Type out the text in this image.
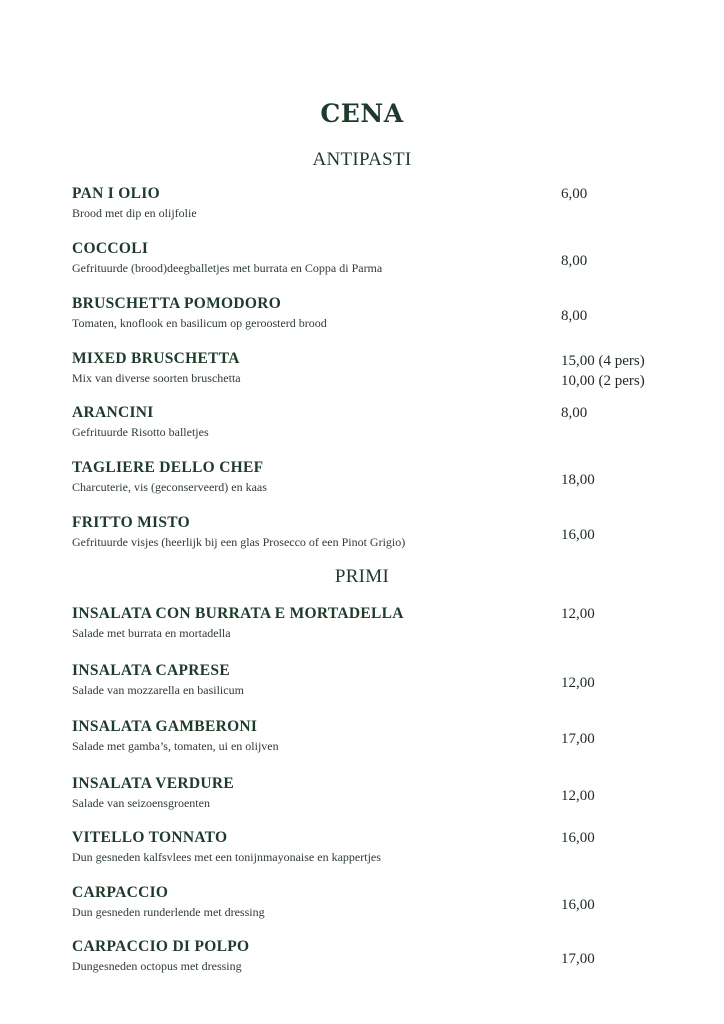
CENA
ANTIPASTI
PAN I OLIO
Brood met dip en olijfolie
6,00
COCCOLI
Gefrituurde (brood)deegballetjes met burrata en Coppa di Parma	8,00
BRUSCHETTA POMODORO
Tomaten, knoflook en basilicum op geroosterd brood	8,00
MIXED BRUSCHETTA
Mix van diverse soorten bruschetta
15,00 (4 pers)
10,00 (2 pers)
ARANCINI
Gefrituurde Risotto balletjes
8,00
TAGLIERE DELLO CHEF
Charcuterie, vis (geconserveerd) en kaas	18,00
FRITTO MISTO
Gefrituurde visjes (heerlijk bij een glas Prosecco of een Pinot Grigio)	16,00
PRIMI
INSALATA CON BURRATA E MORTADELLA
Salade met burrata en mortadella
12,00
INSALATA CAPRESE
Salade van mozzarella en basilicum	12,00
INSALATA GAMBERONI
Salade met gamba’s, tomaten, ui en olijven	17,00
INSALATA VERDURE
Salade van seizoensgroenten	12,00
VITELLO TONNATO
Dun gesneden kalfsvlees met een tonijnmayonaise en kappertjes
16,00
CARPACCIO
Dun gesneden runderlende met dressing	16,00
CARPACCIO DI POLPO
Dungesneden octopus met dressing	17,00
